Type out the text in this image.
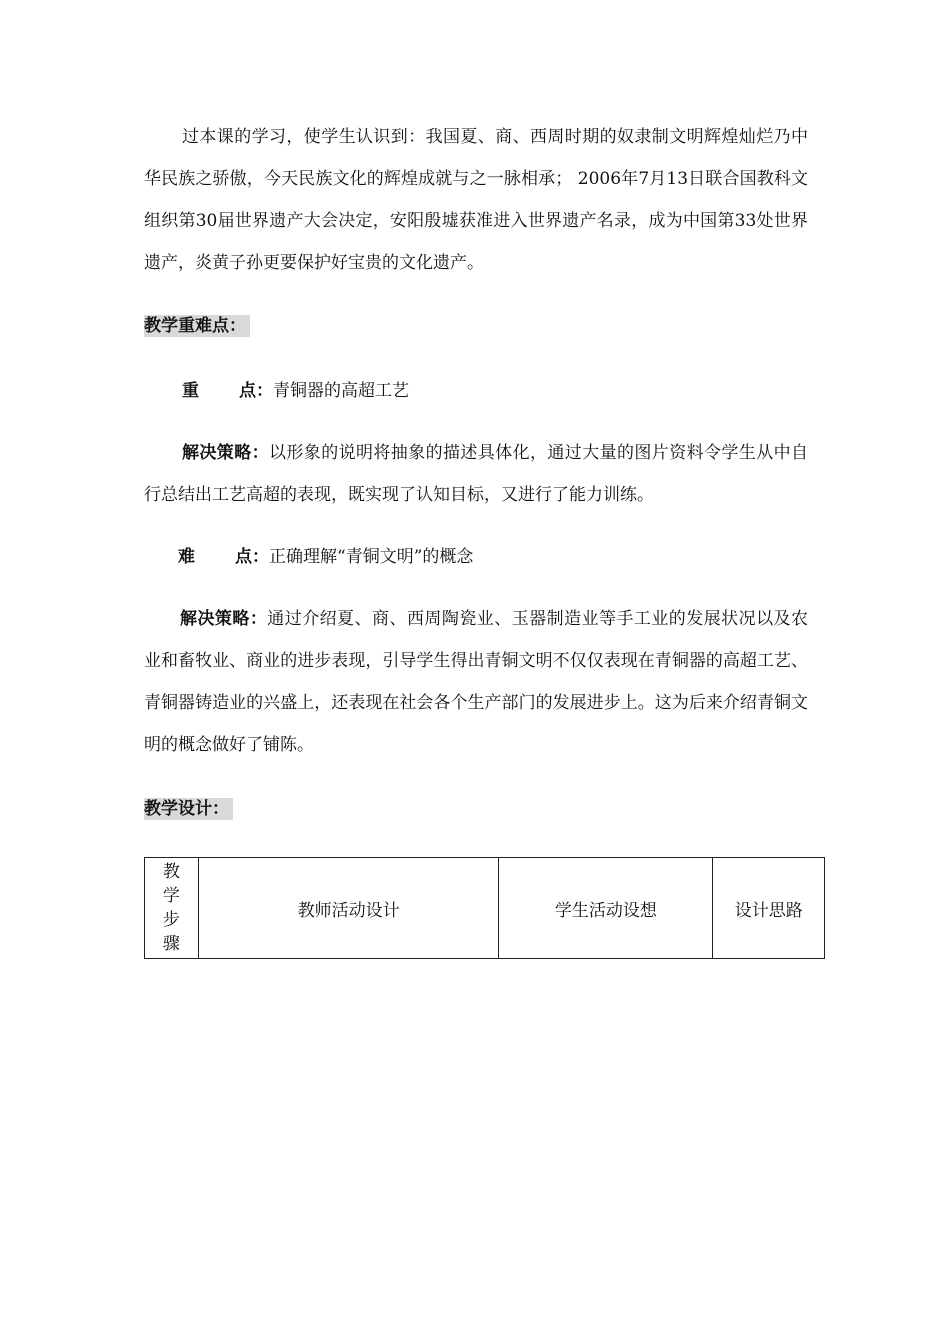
过本课的学习，使学生认识到：我国夏、商、西周时期的奴隶制文明辉煌灿烂乃中华民族之骄傲，今天民族文化的辉煌成就与之一脉相承； 2006年7月13日联合国教科文组织第30届世界遗产大会决定，安阳殷墟获准进入世界遗产名录，成为中国第33处世界遗产，炎黄子孙更要保护好宝贵的文化遗产。
教学重难点：
重 点：青铜器的高超工艺
解决策略：以形象的说明将抽象的描述具体化，通过大量的图片资料令学生从中自行总结出工艺高超的表现，既实现了认知目标，又进行了能力训练。
难 点：正确理解“青铜文明”的概念
解决策略：通过介绍夏、商、西周陶瓷业、玉器制造业等手工业的发展状况以及农业和畜牧业、商业的进步表现，引导学生得出青铜文明不仅仅表现在青铜器的高超工艺、青铜器铸造业的兴盛上，还表现在社会各个生产部门的发展进步上。这为后来介绍青铜文明的概念做好了铺陈。
教学设计：
教学步骤	教师活动设计	学生活动设想	设计思路
